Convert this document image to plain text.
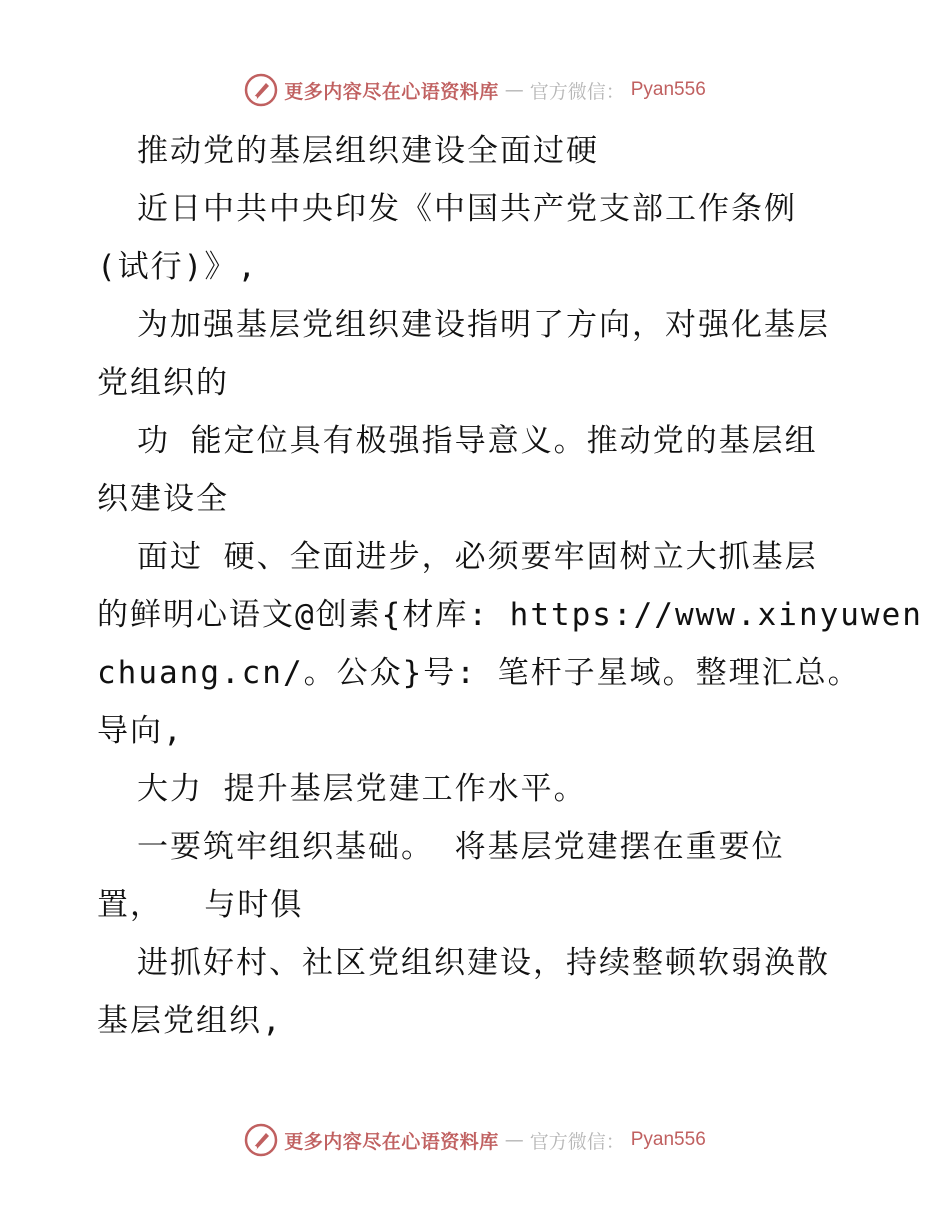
更多内容尽在心语资料库 — 官方微信： Pyan556
推动党的基层组织建设全面过硬
近日中共中央印发《中国共产党支部工作条例
(试行)》,
为加强基层党组织建设指明了方向，对强化基层
党组织的
功 能定位具有极强指导意义。推动党的基层组
织建设全
面过 硬、全面进步，必须要牢固树立大抓基层
的鲜明心语文@创素{材库: https://www.xinyuwen
chuang.cn/。公众}号: 笔杆子星域。整理汇总。
导向,
大力 提升基层党建工作水平。
一要筑牢组织基础。 将基层党建摆在重要位
置，  与时俱
进抓好村、社区党组织建设，持续整顿软弱涣散
基层党组织,
更多内容尽在心语资料库 — 官方微信： Pyan556
